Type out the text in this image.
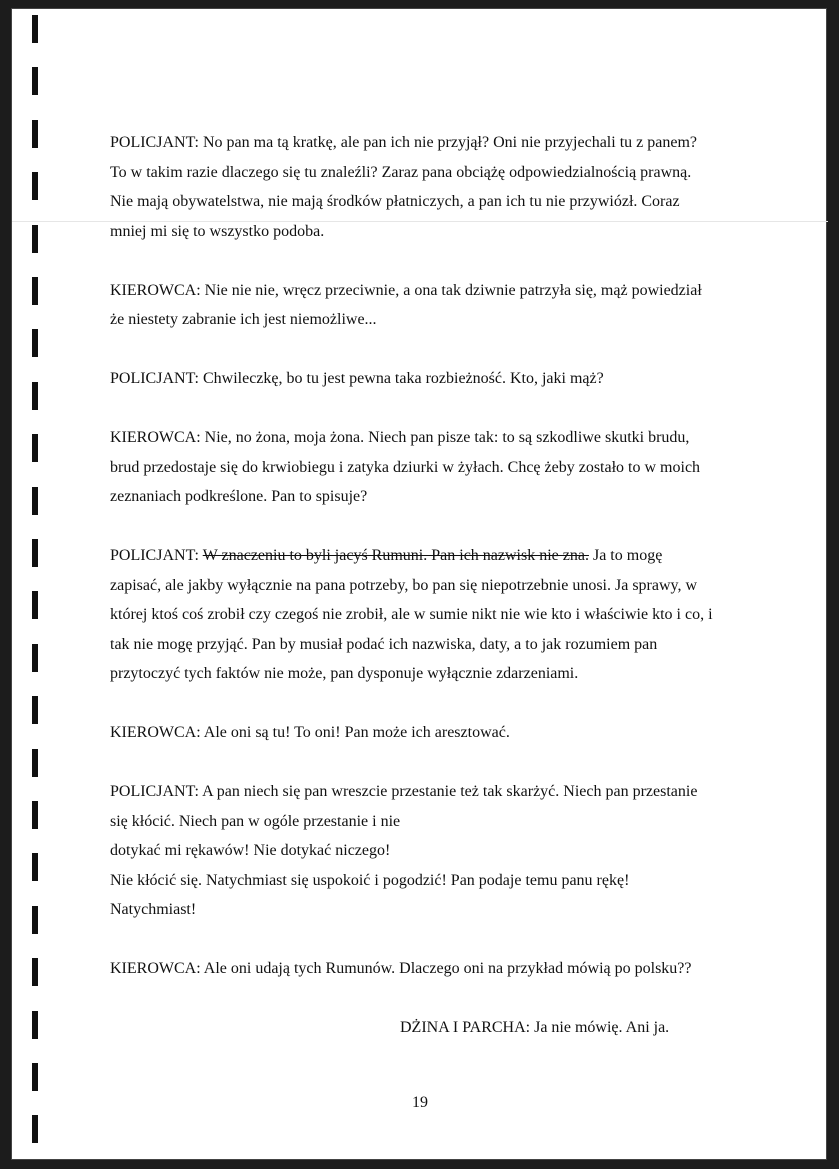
POLICJANT: No pan ma tą kratkę, ale pan ich nie przyjął? Oni nie przyjechali tu z panem?
To w takim razie dlaczego się tu znaleźli? Zaraz pana obciążę odpowiedzialnością prawną.
Nie mają obywatelstwa, nie mają środków płatniczych, a pan ich tu nie przywiózł. Coraz
mniej mi się to wszystko podoba.

KIEROWCA: Nie nie nie, wręcz przeciwnie, a ona tak dziwnie patrzyła się, mąż powiedział
że niestety zabranie ich jest niemożliwe...

POLICJANT: Chwileczkę, bo tu jest pewna taka rozbieżność. Kto, jaki mąż?

KIEROWCA: Nie, no żona, moja żona. Niech pan pisze tak: to są szkodliwe skutki brudu,
brud przedostaje się do krwiobiegu i zatyka dziurki w żyłach. Chcę żeby zostało to w moich
zeznaniach podkreślone. Pan to spisuje?

POLICJANT: W znaczeniu to byli jacyś Rumuni. Pan ich nazwisk nie zna. Ja to mogę
zapisać, ale jakby wyłącznie na pana potrzeby, bo pan się niepotrzebnie unosi. Ja sprawy, w
której ktoś coś zrobił czy czegoś nie zrobił, ale w sumie nikt nie wie kto i właściwie kto i co, i
tak nie mogę przyjąć. Pan by musiał podać ich nazwiska, daty, a to jak rozumiem pan
przytoczyć tych faktów nie może, pan dysponuje wyłącznie zdarzeniami.

KIEROWCA: Ale oni są tu! To oni! Pan może ich aresztować.

POLICJANT: A pan niech się pan wreszcie przestanie też tak skarżyć. Niech pan przestanie
się kłócić. Niech pan w ogóle przestanie i nie
dotykać mi rękawów! Nie dotykać niczego!
Nie kłócić się. Natychmiast się uspokoić i pogodzić! Pan podaje temu panu rękę!
Natychmiast!

KIEROWCA: Ale oni udają tych Rumunów. Dlaczego oni na przykład mówią po polsku??

DŻINA I PARCHA: Ja nie mówię. Ani ja.

19
